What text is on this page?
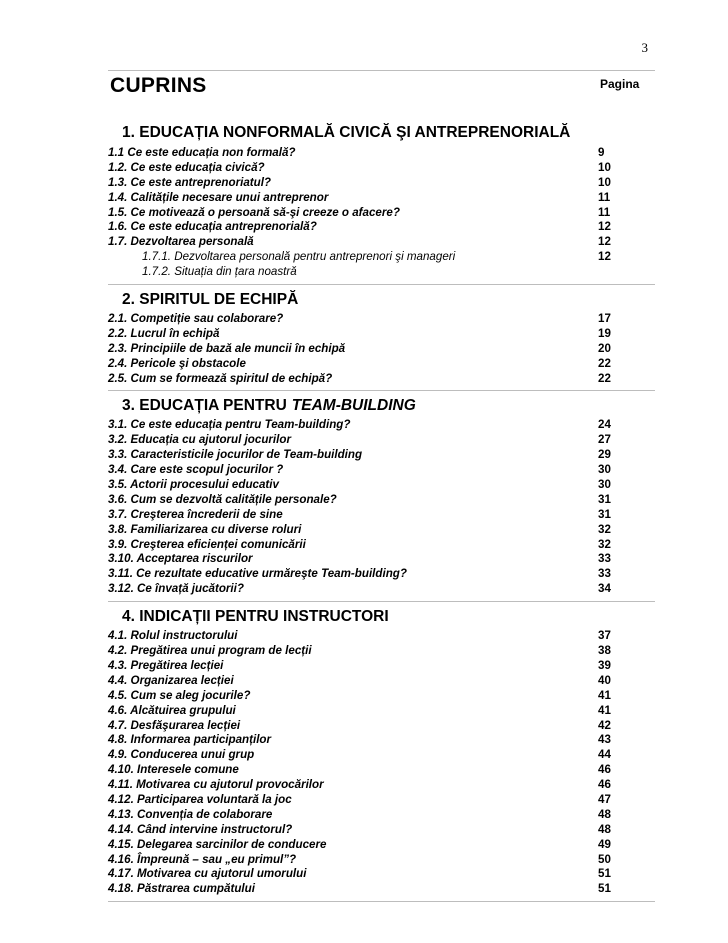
3
CUPRINS	Pagina
1. EDUCAȚIA NONFORMALĂ CIVICĂ ŞI ANTREPRENORIALĂ
1.1 Ce este educația non formală?	9
1.2. Ce este educația civică?	10
1.3. Ce este antreprenoriatul?	10
1.4. Calitățile necesare unui antreprenor	11
1.5. Ce motivează o persoană să-şi creeze o afacere?	11
1.6. Ce este educația antreprenorială?	12
1.7. Dezvoltarea personală	12
1.7.1. Dezvoltarea personală pentru antreprenori şi manageri	12
1.7.2. Situația din țara noastră
2. SPIRITUL DE ECHIPĂ
2.1. Competiție sau colaborare?	17
2.2. Lucrul în echipă	19
2.3. Principiile de bază ale muncii în echipă	20
2.4. Pericole şi obstacole	22
2.5. Cum se formează spiritul de echipă?	22
3. EDUCAȚIA PENTRU TEAM-BUILDING
3.1. Ce este educația pentru Team-building?	24
3.2. Educația cu ajutorul jocurilor	27
3.3. Caracteristicile jocurilor de Team-building	29
3.4. Care este scopul jocurilor ?	30
3.5. Actorii procesului educativ	30
3.6. Cum se dezvoltă calitățile personale?	31
3.7. Creşterea încrederii de sine	31
3.8. Familiarizarea cu diverse roluri	32
3.9. Creşterea eficienței comunicării	32
3.10. Acceptarea riscurilor	33
3.11. Ce rezultate educative urmăreşte Team-building?	33
3.12. Ce învață jucătorii?	34
4. INDICAȚII PENTRU INSTRUCTORI
4.1. Rolul instructorului	37
4.2. Pregătirea unui program de lecții	38
4.3. Pregătirea lecției	39
4.4. Organizarea lecției	40
4.5. Cum se aleg jocurile?	41
4.6. Alcătuirea grupului	41
4.7. Desfăşurarea lecției	42
4.8. Informarea participanților	43
4.9. Conducerea unui grup	44
4.10. Interesele comune	46
4.11. Motivarea cu ajutorul provocărilor	46
4.12. Participarea voluntară la joc	47
4.13. Convenția de colaborare	48
4.14. Când intervine instructorul?	48
4.15. Delegarea sarcinilor de conducere	49
4.16. Împreună – sau „eu primul”?	50
4.17. Motivarea cu ajutorul umorului	51
4.18. Păstrarea cumpătului	51
